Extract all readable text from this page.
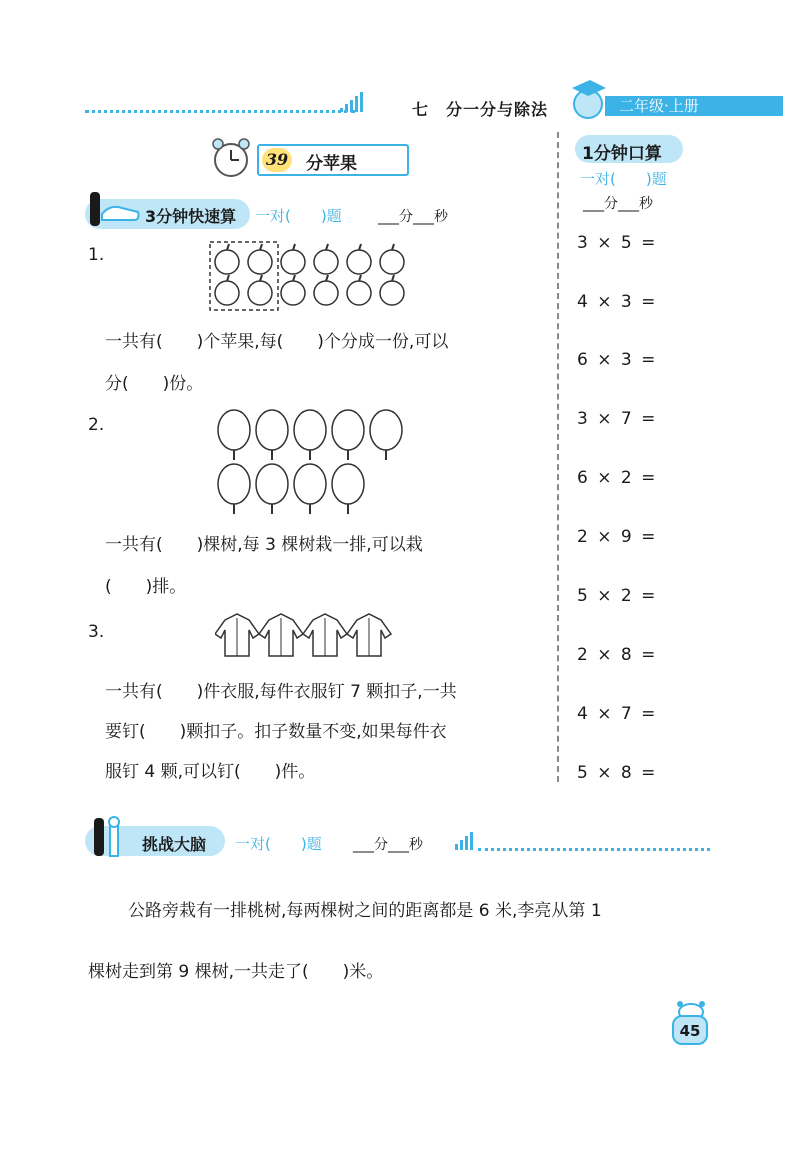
七　分一分与除法	二年级·上册
39 分苹果
3分钟快速算 一对(　　)题	___分___秒
1.
一共有(　　)个苹果,每(　　)个分成一份,可以
分(　　)份。
2.
一共有(　　)棵树,每 3 棵树栽一排,可以栽
(　　)排。
3.
一共有(　　)件衣服,每件衣服钉 7 颗扣子,一共
要钉(　　)颗扣子。扣子数量不变,如果每件衣
服钉 4 颗,可以钉(　　)件。
1分钟口算
一对(　　)题
___分___秒
3 × 5 =
4 × 3 =
6 × 3 =
3 × 7 =
6 × 2 =
2 × 9 =
5 × 2 =
2 × 8 =
4 × 7 =
5 × 8 =
挑战大脑 一对(　　)题 ___分___秒
公路旁栽有一排桃树,每两棵树之间的距离都是 6 米,李亮从第 1
棵树走到第 9 棵树,一共走了(　　)米。
45
